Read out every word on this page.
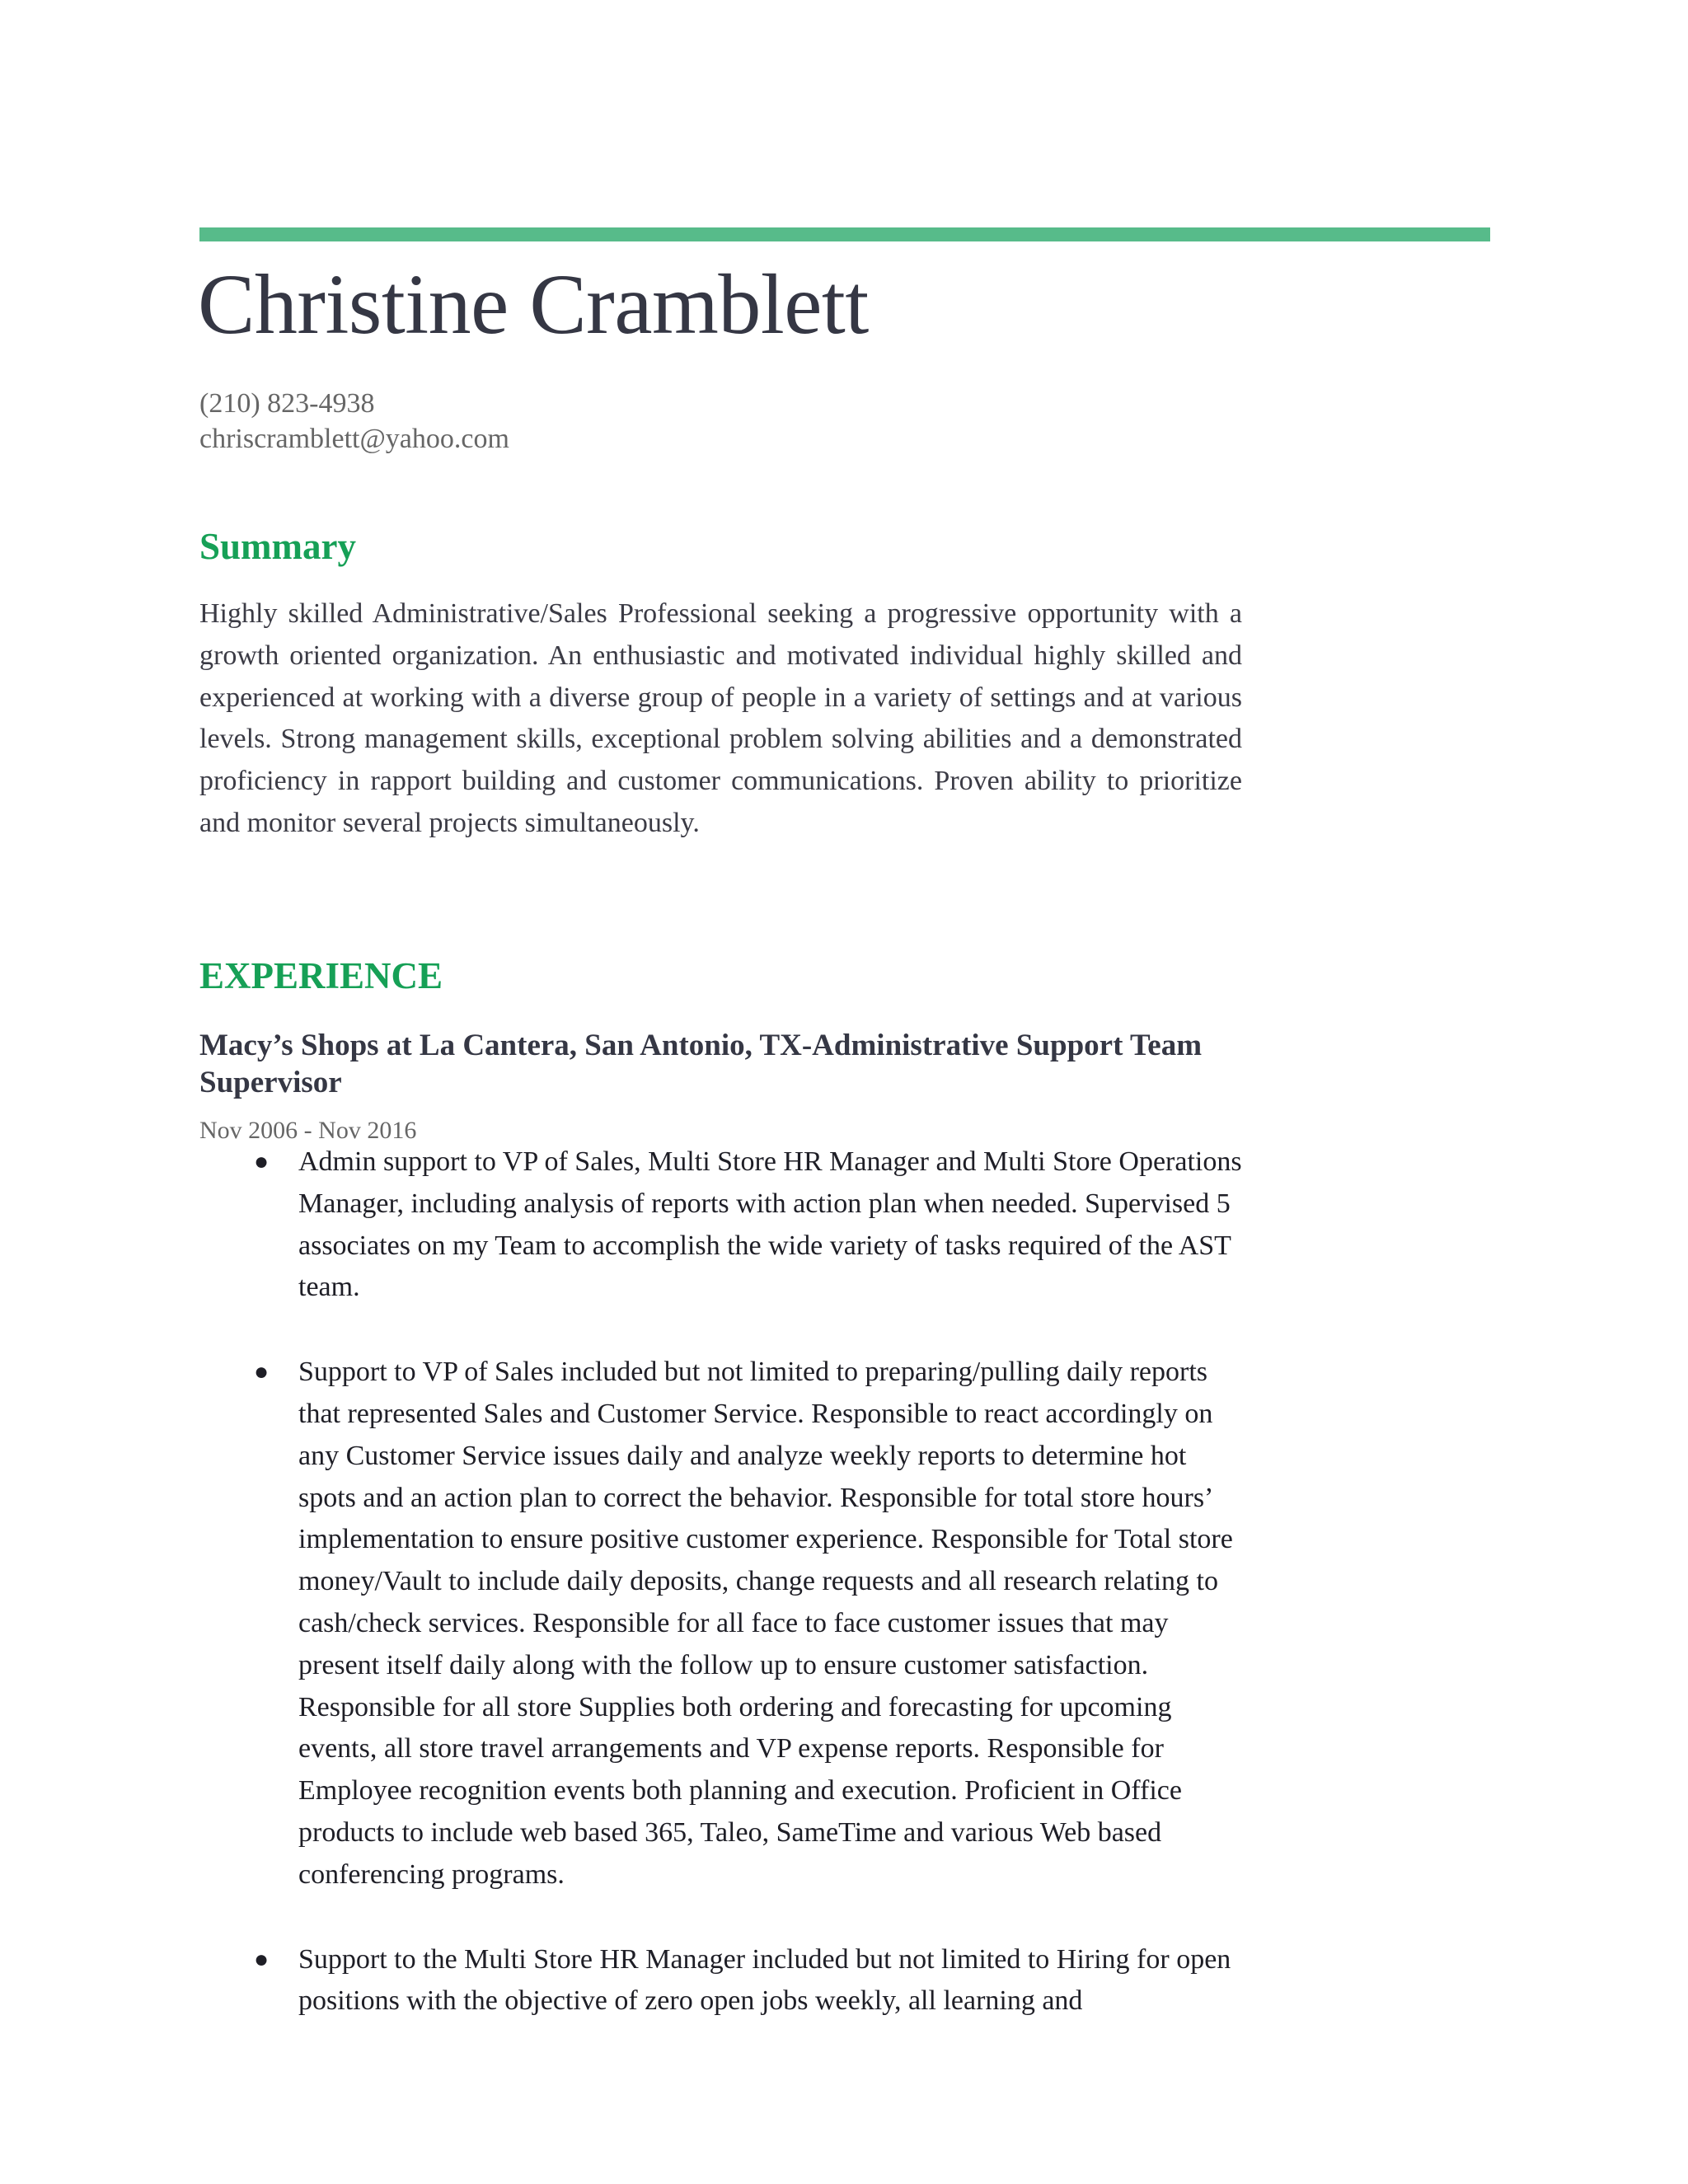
Christine Cramblett
(210) 823-4938
chriscramblett@yahoo.com
Summary
Highly skilled Administrative/Sales Professional seeking a progressive opportunity with a growth oriented organization. An enthusiastic and motivated individual highly skilled and experienced at working with a diverse group of people in a variety of settings and at various levels. Strong management skills, exceptional problem solving abilities and a demonstrated proficiency in rapport building and customer communications. Proven ability to prioritize and monitor several projects simultaneously.
EXPERIENCE
Macy’s Shops at La Cantera, San Antonio, TX-Administrative Support Team Supervisor
Nov 2006 - Nov 2016
● Admin support to VP of Sales, Multi Store HR Manager and Multi Store Operations Manager, including analysis of reports with action plan when needed. Supervised 5 associates on my Team to accomplish the wide variety of tasks required of the AST team.
● Support to VP of Sales included but not limited to preparing/pulling daily reports that represented Sales and Customer Service. Responsible to react accordingly on any Customer Service issues daily and analyze weekly reports to determine hot spots and an action plan to correct the behavior. Responsible for total store hours’ implementation to ensure positive customer experience. Responsible for Total store money/Vault to include daily deposits, change requests and all research relating to cash/check services. Responsible for all face to face customer issues that may present itself daily along with the follow up to ensure customer satisfaction. Responsible for all store Supplies both ordering and forecasting for upcoming events, all store travel arrangements and VP expense reports. Responsible for Employee recognition events both planning and execution. Proficient in Office products to include web based 365, Taleo, SameTime and various Web based conferencing programs.
● Support to the Multi Store HR Manager included but not limited to Hiring for open positions with the objective of zero open jobs weekly, all learning and
